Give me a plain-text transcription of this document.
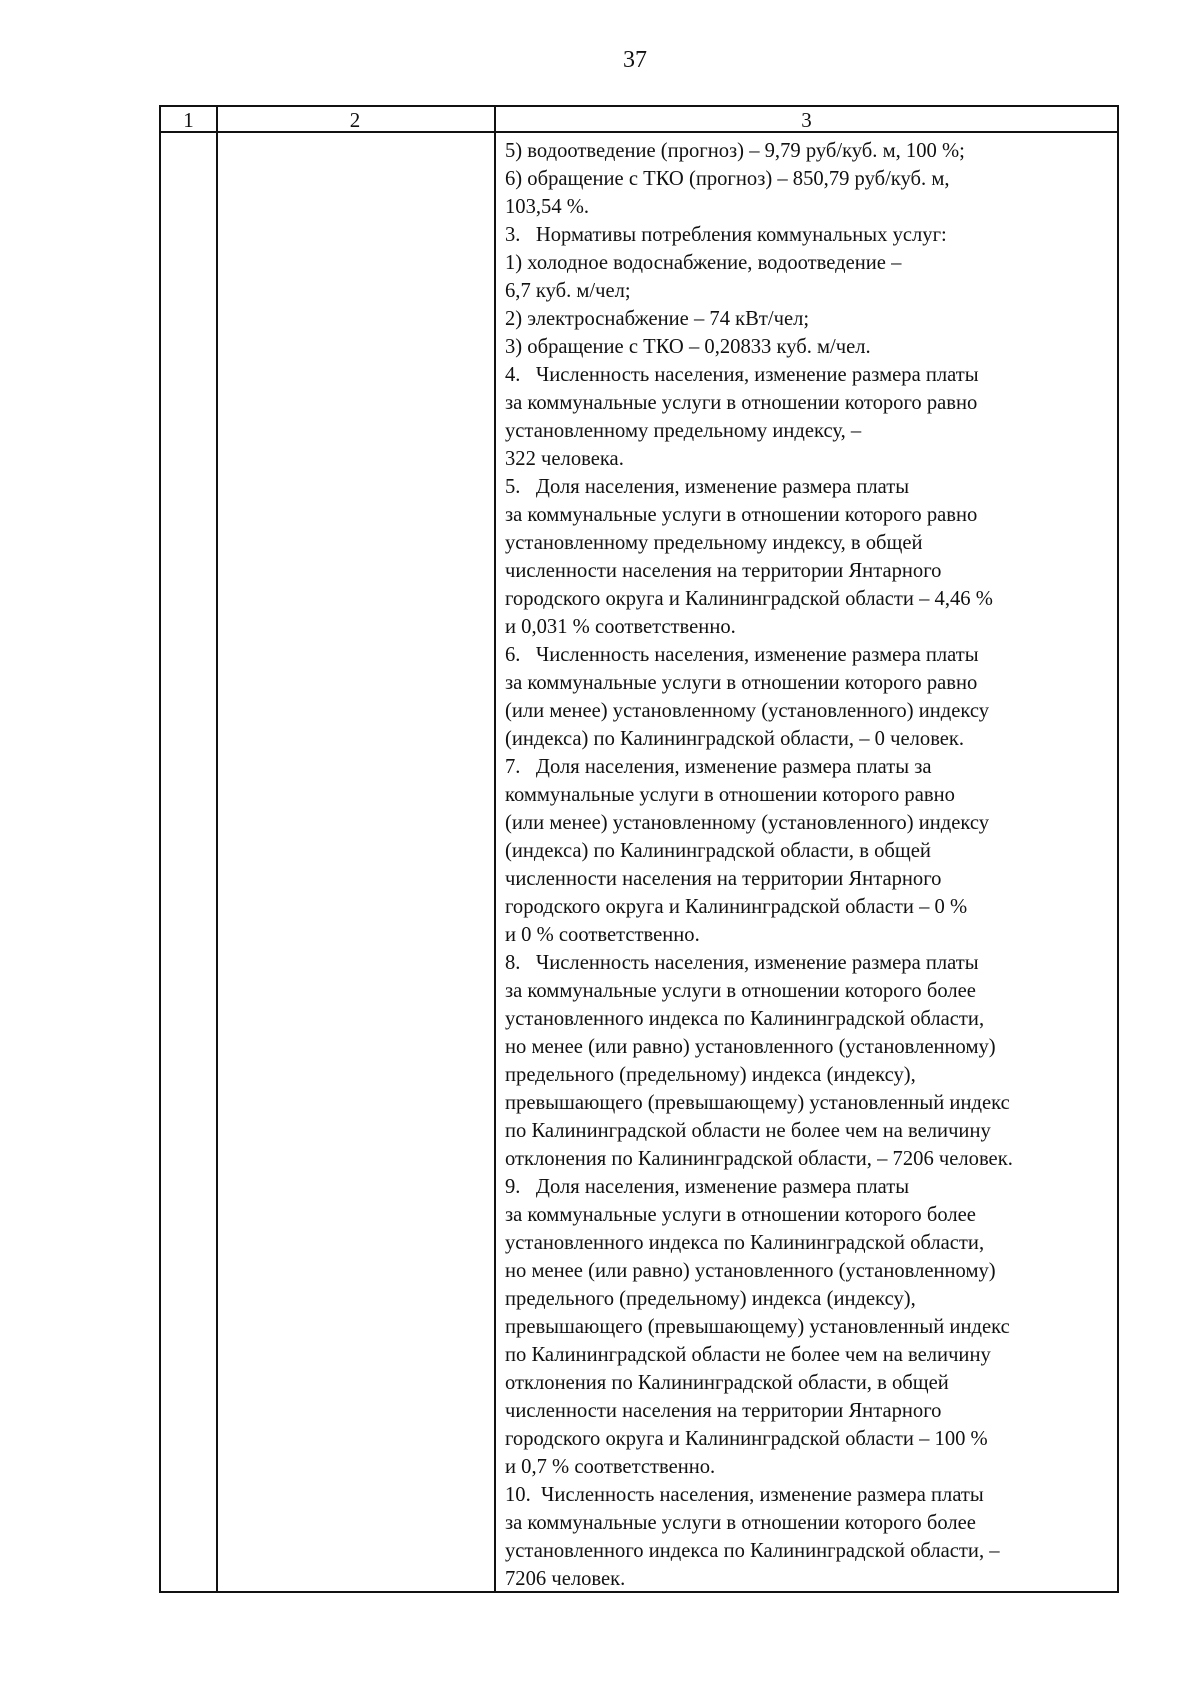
37
1	2	3
5) водоотведение (прогноз) – 9,79 руб/куб. м, 100 %;
6) обращение с ТКО (прогноз) – 850,79 руб/куб. м,
103,54 %.
3.   Нормативы потребления коммунальных услуг:
1) холодное водоснабжение, водоотведение –
6,7 куб. м/чел;
2) электроснабжение – 74 кВт/чел;
3) обращение с ТКО – 0,20833 куб. м/чел.
4.   Численность населения, изменение размера платы
за коммунальные услуги в отношении которого равно
установленному предельному индексу, –
322 человека.
5.   Доля населения, изменение размера платы
за коммунальные услуги в отношении которого равно
установленному предельному индексу, в общей
численности населения на территории Янтарного
городского округа и Калининградской области – 4,46 %
и 0,031 % соответственно.
6.   Численность населения, изменение размера платы
за коммунальные услуги в отношении которого равно
(или менее) установленному (установленного) индексу
(индекса) по Калининградской области, – 0 человек.
7.   Доля населения, изменение размера платы за
коммунальные услуги в отношении которого равно
(или менее) установленному (установленного) индексу
(индекса) по Калининградской области, в общей
численности населения на территории Янтарного
городского округа и Калининградской области – 0 %
и 0 % соответственно.
8.   Численность населения, изменение размера платы
за коммунальные услуги в отношении которого более
установленного индекса по Калининградской области,
но менее (или равно) установленного (установленному)
предельного (предельному) индекса (индексу),
превышающего (превышающему) установленный индекс
по Калининградской области не более чем на величину
отклонения по Калининградской области, – 7206 человек.
9.   Доля населения, изменение размера платы
за коммунальные услуги в отношении которого более
установленного индекса по Калининградской области,
но менее (или равно) установленного (установленному)
предельного (предельному) индекса (индексу),
превышающего (превышающему) установленный индекс
по Калининградской области не более чем на величину
отклонения по Калининградской области, в общей
численности населения на территории Янтарного
городского округа и Калининградской области – 100 %
и 0,7 % соответственно.
10.  Численность населения, изменение размера платы
за коммунальные услуги в отношении которого более
установленного индекса по Калининградской области, –
7206 человек.
